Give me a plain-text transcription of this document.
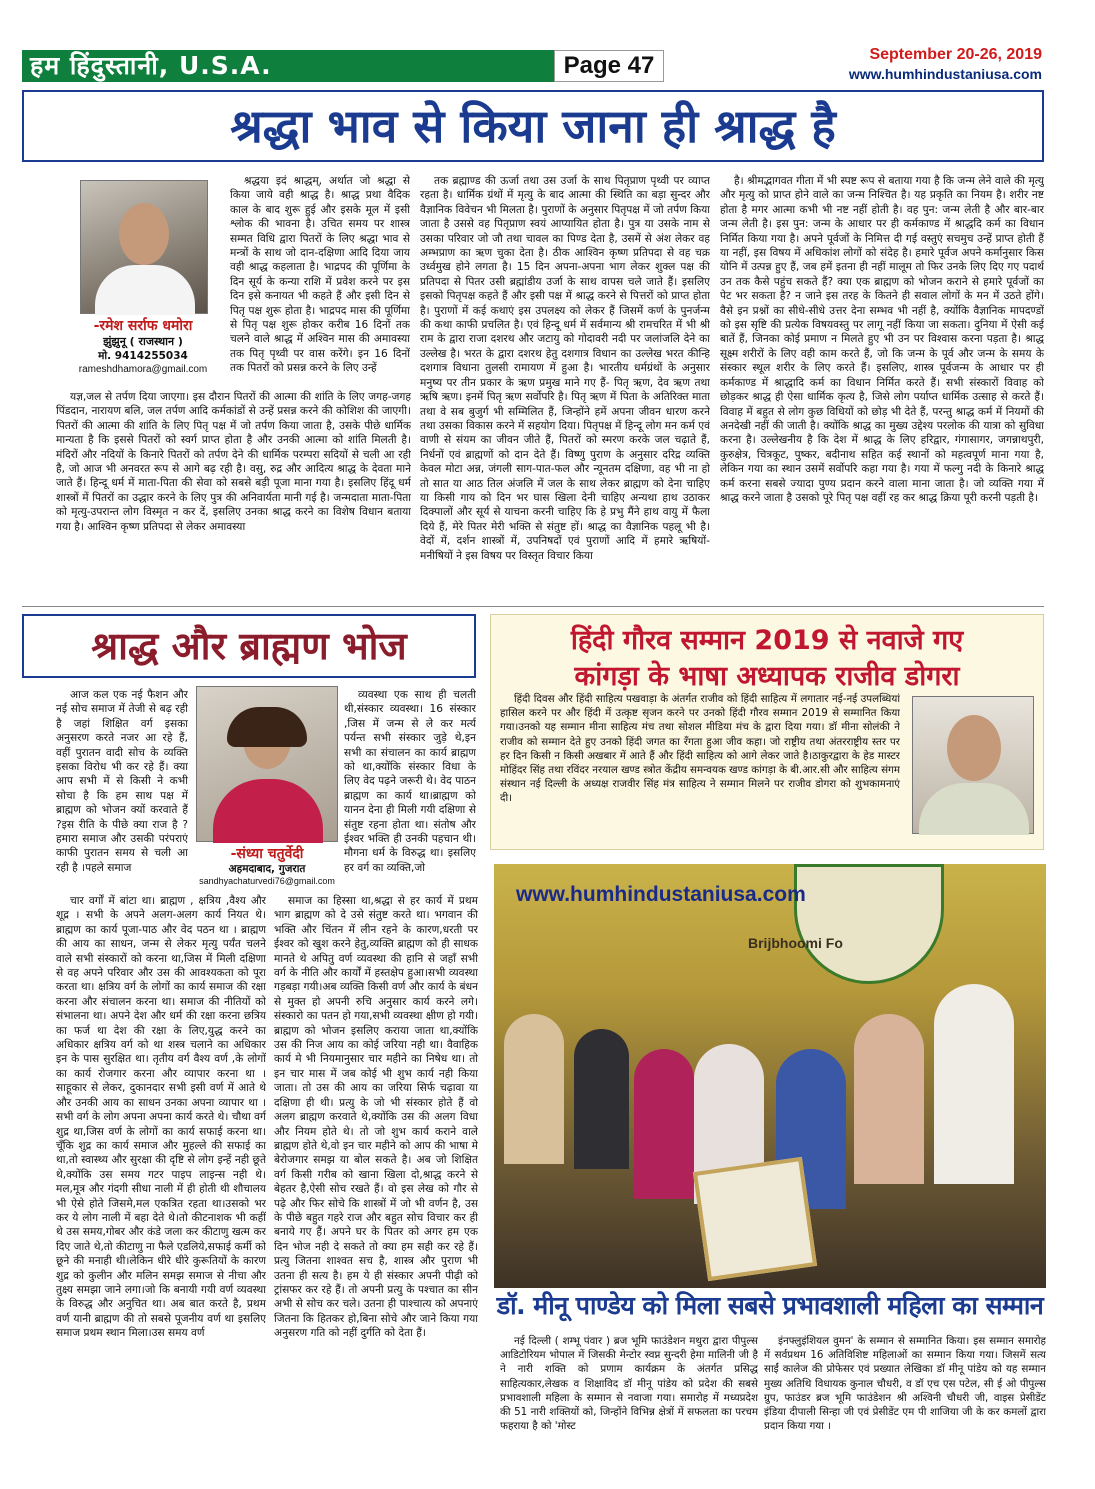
हम हिंदुस्तानी, U.S.A.	Page 47	September 20-26, 2019
www.humhindustaniusa.com
श्रद्धा भाव से किया जाना ही श्राद्ध है
-रमेश सर्राफ धमोरा
झुंझुनू ( राजस्थान )
मो. 9414255034
rameshdhamora@gmail.com

श्रद्धया इदं श्राद्धम्, अर्थात जो श्रद्धा से किया जाये वही श्राद्ध है। श्राद्ध प्रथा वैदिक काल के बाद शुरू हुई और इसके मूल में इसी श्लोक की भावना है। उचित समय पर शास्त्र सम्मत विधि द्वारा पितरों के लिए श्रद्धा भाव से मन्त्रों के साथ जो दान-दक्षिणा आदि दिया जाय वही श्राद्ध कहलाता है। भाद्रपद की पूर्णिमा के दिन सूर्य के कन्या राशि में प्रवेश करने पर इस दिन इसे कनायत भी कहते हैं और इसी दिन से पितृ पक्ष शुरू होता है। भाद्रपद मास की पूर्णिमा से पितृ पक्ष शुरू होकर करीब 16 दिनों तक चलने वाले श्राद्ध में अश्विन मास की अमावस्या तक पितृ पृथ्वी पर वास करेंगे। इन 16 दिनों तक पितरों को प्रसन्न करने के लिए उन्हें

यज्ञ,जल से तर्पण दिया जाएगा। इस दौरान पितरों की आत्मा की शांति के लिए जगह-जगह पिंडदान, नारायण बलि, जल तर्पण आदि कर्मकांडों से उन्हें प्रसन्न करने की कोशिश की जाएगी। पितरों की आत्मा की शांति के लिए पितृ पक्ष में जो तर्पण किया जाता है, उसके पीछे धार्मिक मान्यता है कि इससे पितरों को स्वर्ग प्राप्त होता है और उनकी आत्मा को शांति मिलती है। मंदिरों और नदियों के किनारे पितरों को तर्पण देने की धार्मिक परम्परा सदियों से चली आ रही है, जो आज भी अनवरत रूप से आगे बढ़ रही है। वसु, रुद्र और आदित्य श्राद्ध के देवता माने जाते हैं। हिन्दू धर्म में माता-पिता की सेवा को सबसे बड़ी पूजा माना गया है। इसलिए हिंदू धर्म शास्त्रों में पितरों का उद्धार करने के लिए पुत्र की अनिवार्यता मानी गई है। जन्मदाता माता-पिता को मृत्यु-उपरान्त लोग विस्मृत न कर दें, इसलिए उनका श्राद्ध करने का विशेष विधान बताया गया है। आश्विन कृष्ण प्रतिपदा से लेकर अमावस्या

तक ब्रह्माण्ड की ऊर्जा तथा उस उर्जा के साथ पितृप्राण पृथ्वी पर व्याप्त रहता है। धार्मिक ग्रंथों में मृत्यु के बाद आत्मा की स्थिति का बड़ा सुन्दर और वैज्ञानिक विवेचन भी मिलता है। पुराणों के अनुसार पितृपक्ष में जो तर्पण किया जाता है उससे वह पितृप्राण स्वयं आप्यायित होता है। पुत्र या उसके नाम से उसका परिवार जो जौ तथा चावल का पिण्ड देता है, उसमें से अंश लेकर वह अम्भप्राण का ऋण चुका देता है। ठीक आश्विन कृष्ण प्रतिपदा से वह चक्र उर्ध्वमुख होने लगता है। 15 दिन अपना-अपना भाग लेकर शुक्ल पक्ष की प्रतिपदा से पितर उसी ब्रह्मांडीय उर्जा के साथ वापस चले जाते हैं। इसलिए इसको पितृपक्ष कहते हैं और इसी पक्ष में श्राद्ध करने से पित्तरों को प्राप्त होता है। पुराणों में कई कथाएं इस उपलक्ष्य को लेकर हैं जिसमें कर्ण के पुनर्जन्म की कथा काफी प्रचलित है। एवं हिन्दू धर्म में सर्वमान्य श्री रामचरित में भी श्री राम के द्वारा राजा दशरथ और जटायु को गोदावरी नदी पर जलांजलि देने का उल्लेख है। भरत के द्वारा दशरथ हेतु दशगात्र विधान का उल्लेख भरत कीन्हि दशगात्र विधाना तुलसी रामायण में हुआ है। भारतीय धर्मग्रंथों के अनुसार मनुष्य पर तीन प्रकार के ऋण प्रमुख माने गए हैं- पितृ ऋण, देव ऋण तथा ऋषि ऋण। इनमें पितृ ऋण सर्वोपरि है। पितृ ऋण में पिता के अतिरिक्त माता तथा वे सब बुजुर्ग भी सम्मिलित हैं, जिन्होंने हमें अपना जीवन धारण करने तथा उसका विकास करने में सहयोग दिया। पितृपक्ष में हिन्दू लोग मन कर्म एवं वाणी से संयम का जीवन जीते हैं, पितरों को स्मरण करके जल चढ़ाते हैं, निर्धनों एवं ब्राह्मणों को दान देते हैं। विष्णु पुराण के अनुसार दरिद्र व्यक्ति केवल मोटा अन्न, जंगली साग-पात-फल और न्यूनतम दक्षिणा, वह भी ना हो तो सात या आठ तिल अंजलि में जल के साथ लेकर ब्राह्मण को देना चाहिए या किसी गाय को दिन भर घास खिला देनी चाहिए अन्यथा हाथ उठाकर दिक्पालों और सूर्य से याचना करनी चाहिए कि हे प्रभु मैंने हाथ वायु में फैला दिये हैं, मेरे पितर मेरी भक्ति से संतुष्ट हों। श्राद्ध का वैज्ञानिक पहलू भी है। वेदों में, दर्शन शास्त्रों में, उपनिषदों एवं पुराणों आदि में हमारे ऋषियों-मनीषियों ने इस विषय पर विस्तृत विचार किया

है। श्रीमद्भागवत गीता में भी स्पष्ट रूप से बताया गया है कि जन्म लेने वाले की मृत्यु और मृत्यु को प्राप्त होने वाले का जन्म निश्चित है। यह प्रकृति का नियम है। शरीर नष्ट होता है मगर आत्मा कभी भी नष्ट नहीं होती है। वह पुन: जन्म लेती है और बार-बार जन्म लेती है। इस पुन: जन्म के आधार पर ही कर्मकाण्ड में श्राद्धदि कर्म का विधान निर्मित किया गया है। अपने पूर्वजों के निमित्त दी गई वस्तुएं सचमुच उन्हें प्राप्त होती हैं या नहीं, इस विषय में अधिकांश लोगों को संदेह है। हमारे पूर्वज अपने कर्मानुसार किस योनि में उत्पन्न हुए हैं, जब हमें इतना ही नहीं मालूम तो फिर उनके लिए दिए गए पदार्थ उन तक कैसे पहुंच सकते हैं? क्या एक ब्राह्मण को भोजन कराने से हमारे पूर्वजों का पेट भर सकता है? न जाने इस तरह के कितने ही सवाल लोगों के मन में उठते होंगे। वैसे इन प्रश्नों का सीधे-सीधे उत्तर देना सम्भव भी नहीं है, क्योंकि वैज्ञानिक मापदण्डों को इस सृष्टि की प्रत्येक विषयवस्तु पर लागू नहीं किया जा सकता। दुनिया में ऐसी कई बातें हैं, जिनका कोई प्रमाण न मिलते हुए भी उन पर विश्वास करना पड़ता है। श्राद्ध सूक्ष्म शरीरों के लिए वही काम करते हैं, जो कि जन्म के पूर्व और जन्म के समय के संस्कार स्थूल शरीर के लिए करते हैं। इसलिए, शास्त्र पूर्वजन्म के आधार पर ही कर्मकाण्ड में श्राद्धादि कर्म का विधान निर्मित करते हैं। सभी संस्कारों विवाह को छोड़कर श्राद्ध ही ऐसा धार्मिक कृत्य है, जिसे लोग पर्याप्त धार्मिक उत्साह से करते हैं। विवाह में बहुत से लोग कुछ विधियों को छोड़ भी देते हैं, परन्तु श्राद्ध कर्म में नियमों की अनदेखी नहीं की जाती है। क्योंकि श्राद्ध का मुख्य उद्देश्य परलोक की यात्रा को सुविधा करना है। उल्लेखनीय है कि देश में श्राद्ध के लिए हरिद्वार, गंगासागर, जगन्नाथपुरी, कुरुक्षेत्र, चित्रकूट, पुष्कर, बदीनाथ सहित कई स्थानों को महत्वपूर्ण माना गया है, लेकिन गया का स्थान उसमें सर्वोपरि कहा गया है। गया में फल्गु नदी के किनारे श्राद्ध कर्म करना सबसे ज्यादा पुण्य प्रदान करने वाला माना जाता है। जो व्यक्ति गया में श्राद्ध करने जाता है उसको पूरे पितृ पक्ष वहीं रह कर श्राद्ध क्रिया पूरी करनी पड़ती है।

श्राद्ध और ब्राह्मण भोज
-संध्या चतुर्वेदी
अहमदाबाद, गुजरात
sandhyachaturvedi76@gmail.com

आज कल एक नई फैशन और नई सोच समाज में तेजी से बढ़ रही है जहां शिक्षित वर्ग इसका अनुसरण करते नजर आ रहे हैं, वहीं पुरातन वादी सोच के व्यक्ति इसका विरोध भी कर रहे हैं। क्या आप सभी में से किसी ने कभी सोचा है कि हम साथ पक्ष में ब्राह्मण को भोजन क्यों करवाते हैं ?इस रीति के पीछे क्या राज है ? हमारा समाज और उसकी परंपराएं काफी पुरातन समय से चली आ रही है ।पहले समाज

चार वर्गों में बांटा था। ब्राह्मण , क्षत्रिय ,वैश्य और शूद्र । सभी के अपने अलग-अलग कार्य नियत थे। ब्राह्मण का कार्य पूजा-पाठ और वेद पठन था । ब्राह्मण की आय का साधन, जन्म से लेकर मृत्यु पर्यंत चलने वाले सभी संस्कारों को करना था,जिस में मिली दक्षिणा से वह अपने परिवार और उस की आवश्यकता को पूरा करता था। क्षत्रिय वर्ग के लोगों का कार्य समाज की रक्षा करना और संचालन करना था। समाज की नीतियों को संभालना था। अपने देश और धर्म की रक्षा करना छत्रिय का फर्ज था देश की रक्षा के लिए,युद्ध करने का अधिकार क्षत्रिय वर्ग को था शस्त्र चलाने का अधिकार इन के पास सुरक्षित था। तृतीय वर्ग वैश्य वर्ण ,के लोगों का कार्य रोजगार करना और व्यापार करना था ।साहूकार से लेकर, दुकानदार सभी इसी वर्ण में आते थे और उनकी आय का साधन उनका अपना व्यापार था । सभी वर्ग के लोग अपना अपना कार्य करते थे। चौथा वर्ग शुद्र था,जिस वर्ण के लोगों का कार्य सफाई करना था। चूँकि शुद्र का कार्य समाज और मुहल्ले की सफाई का था,तो स्वास्थ्य और सुरक्षा की दृष्टि से लोग इन्हें नही छूते थे,क्योंकि उस समय गटर पाइप लाइन्स नही थे। मल,मूत्र और गंदगी सीधा नाली में ही होती थी शौचालय भी ऐसे होते जिसमे,मल एकत्रित रहता था।उसको भर कर ये लोग नाली में बहा देते थे।तो कीटनाशक भी कहीं थे उस समय,गोबर और कंडे जला कर कीटाणु खत्म कर दिए जाते थे,तो कीटाणु ना फैले एडलिये,सफाई कर्मी को छूने की मनाही थी।लेकिन धीरे धीरे कुरूतियों के कारण शुद्र को कुलीन और मलिन समझ समाज से नीचा और तुक्ष्य समझा जाने लगा।जो कि बनायी गयी वर्ण व्यवस्था के विरुद्ध और अनुचित था। अब बात करते है, प्रथम वर्ण यानी ब्राह्मण की तो सबसे पूजनीय वर्ण था इसलिए समाज प्रथम स्थान मिला।उस समय वर्ण

व्यवस्था एक साथ ही चलती थी,संस्कार व्यवस्था। 16 संस्कार ,जिस में जन्म से ले कर मर्त्य पर्यन्त सभी संस्कार जुड़े थे,इन सभी का संचालन का कार्य ब्राह्मण को था,क्योंकि संस्कार विधा के लिए वेद पढ़ने जरूरी थे। वेद पाठन ब्राह्मण का कार्य था।ब्राह्मण को यानन देना ही मिली गयी दक्षिणा से संतुष्ट रहना होता था। संतोष और ईश्वर भक्ति ही उनकी पहचान थी। मौगना धर्म के विरुद्ध था। इसलिए हर वर्ग का व्यक्ति,जो

समाज का हिस्सा था,श्रद्धा से हर कार्य में प्रथम भाग ब्राह्मण को दे उसे संतुष्ट करते था। भगवान की भक्ति और चिंतन में लीन रहने के कारण,धरती पर ईश्वर को खुश करने हेतु,व्यक्ति ब्राह्मण को ही साधक मानते थे अपितु वर्ण व्यवस्था की हानि से जहाँ सभी वर्ग के नीति और कार्यों में हस्तक्षेप हुआ।सभी व्यवस्था गड़बड़ा गयी।अब व्यक्ति किसी वर्ण और कार्य के बंधन से मुक्त हो अपनी रुचि अनुसार कार्य करने लगे। संस्कारो का पतन हो गया,सभी व्यवस्था क्षीण हो गयी।ब्राह्मण को भोजन इसलिए कराया जाता था,क्योंकि उस की निज आय का कोई जरिया नही था। वैवाहिक कार्य मे भी नियमानुसार चार महीने का निषेध था। तो इन चार मास में जब कोई भी शुभ कार्य नही किया जाता। तो उस की आय का जरिया सिर्फ चढ़ावा या दक्षिणा ही थी। प्रत्यु के जो भी संस्कार होते हैं वो अलग ब्राह्मण करवाते थे,क्योंकि उस की अलग विधा और नियम होते थे। तो जो शुभ कार्य कराने वाले ब्राह्मण होते थे,वो इन चार महीने को आप की भाषा मे बेरोजगार समझ या बोल सकते है। अब जो शिक्षित वर्ग किसी गरीब को खाना खिला दो,श्राद्ध करने से बेहतर है,ऐसी सोच रखते हैं। वो इस लेख को गौर से पढ़े और फिर सोचे कि शास्त्रों में जो भी वर्णन है, उस के पीछे बहुत गहरे राज और बहुत सोच विचार कर ही बनाये गए हैं। अपने घर के पितर को अगर हम एक दिन भोज नही दे सकते तो क्या हम सही कर रहे हैं। प्रत्यु जितना शाश्वत सच है, शास्त्र और पुराण भी उतना ही सत्य है। हम ये ही संस्कार अपनी पीढ़ी को ट्रांसफर कर रहे हैं। तो अपनी प्रत्यु के पश्चात का सीन अभी से सोच कर चले। उतना ही पाश्चात्य को अपनाएं जितना कि हितकर हो,बिना सोचे और जाने किया गया अनुसरण गति को नहीं दुर्गति को देता हैं।

हिंदी गौरव सम्मान 2019 से नवाजे गए
कांगड़ा के भाषा अध्यापक राजीव डोगरा

हिंदी दिवस और हिंदी साहित्य पखवाड़ा के अंतर्गत राजीव को हिंदी साहित्य में लगातार नई-नई उपलब्धियां हासिल करने पर और हिंदी में उत्कृष्ट सृजन करने पर उनको हिंदी गौरव सम्मान 2019 से सम्मानित किया गया।उनको यह सम्मान मीना साहित्य मंच तथा सोशल मीडिया मंच के द्वारा दिया गया। डॉ मीना सोलंकी ने राजीव को सम्मान देते हुए उनको हिंदी जगत का रँगता हुआ जीव कहा। जो राष्ट्रीय तथा अंतरराष्ट्रीय स्तर पर हर दिन किसी न किसी अखबार में आते हैं और हिंदी साहित्य को आगे लेकर जाते है।ठाकुरद्वारा के हेड मास्टर मोहिंदर सिंह तथा रविंदर नरयाल खण्ड स्त्रोत केंद्रीय समन्वयक खण्ड कांगड़ा के बी.आर.सी और साहित्य संगम संस्थान नई दिल्ली के अध्यक्ष राजवीर सिंह मंत्र साहित्य ने सम्मान मिलने पर राजीव डोगरा को शुभकामनाएं दी।

www.humhindustaniusa.com
Brijbhoomi Fo
डॉ. मीनू पाण्डेय को मिला सबसे प्रभावशाली महिला का सम्मान

नई दिल्ली ( शम्भू पंवार ) ब्रज भूमि फाउंडेशन मथुरा द्वारा पीपुल्स आडिटोरियम भोपाल में जिसकी मेन्टोर स्वप्न सुन्दरी हेमा मालिनी जी है ने नारी शक्ति को प्रणाम कार्यक्रम के अंतर्गत प्रसिद्ध साहित्यकार,लेखक व शिक्षाविद डॉ मीनू पांडेय को प्रदेश की सबसे प्रभावशाली महिला के सम्मान से नवाजा गया। समारोह में मध्यप्रदेश की 51 नारी शक्तियों को, जिन्होंने विभिन्न क्षेत्रों में सफलता का परचम फहराया है को 'मोस्ट

इंनफ्लुइंशियल वुमन' के सम्मान से सम्मानित किया। इस सम्मान समारोह में सर्वप्रथम 16 अतिविशिष्ट महिलाओं का सम्मान किया गया। जिसमें सत्य साईं कालेज की प्रोफेसर एवं प्रख्यात लेखिका डॉ मीनू पांडेय को यह सम्मान मुख्य अतिथि विधायक कुनाल चौधरी, व डॉ एच एस पटेल, सी ई ओ पीपुल्स ग्रुप, फाउंडर ब्रज भूमि फाउंडेशन श्री अश्विनी चौधरी जी, वाइस प्रेसीडेंट इंडिया दीपाली सिन्हा जी एवं प्रेसीडेंट एम पी शाजिया जी के कर कमलों द्वारा प्रदान किया गया ।
